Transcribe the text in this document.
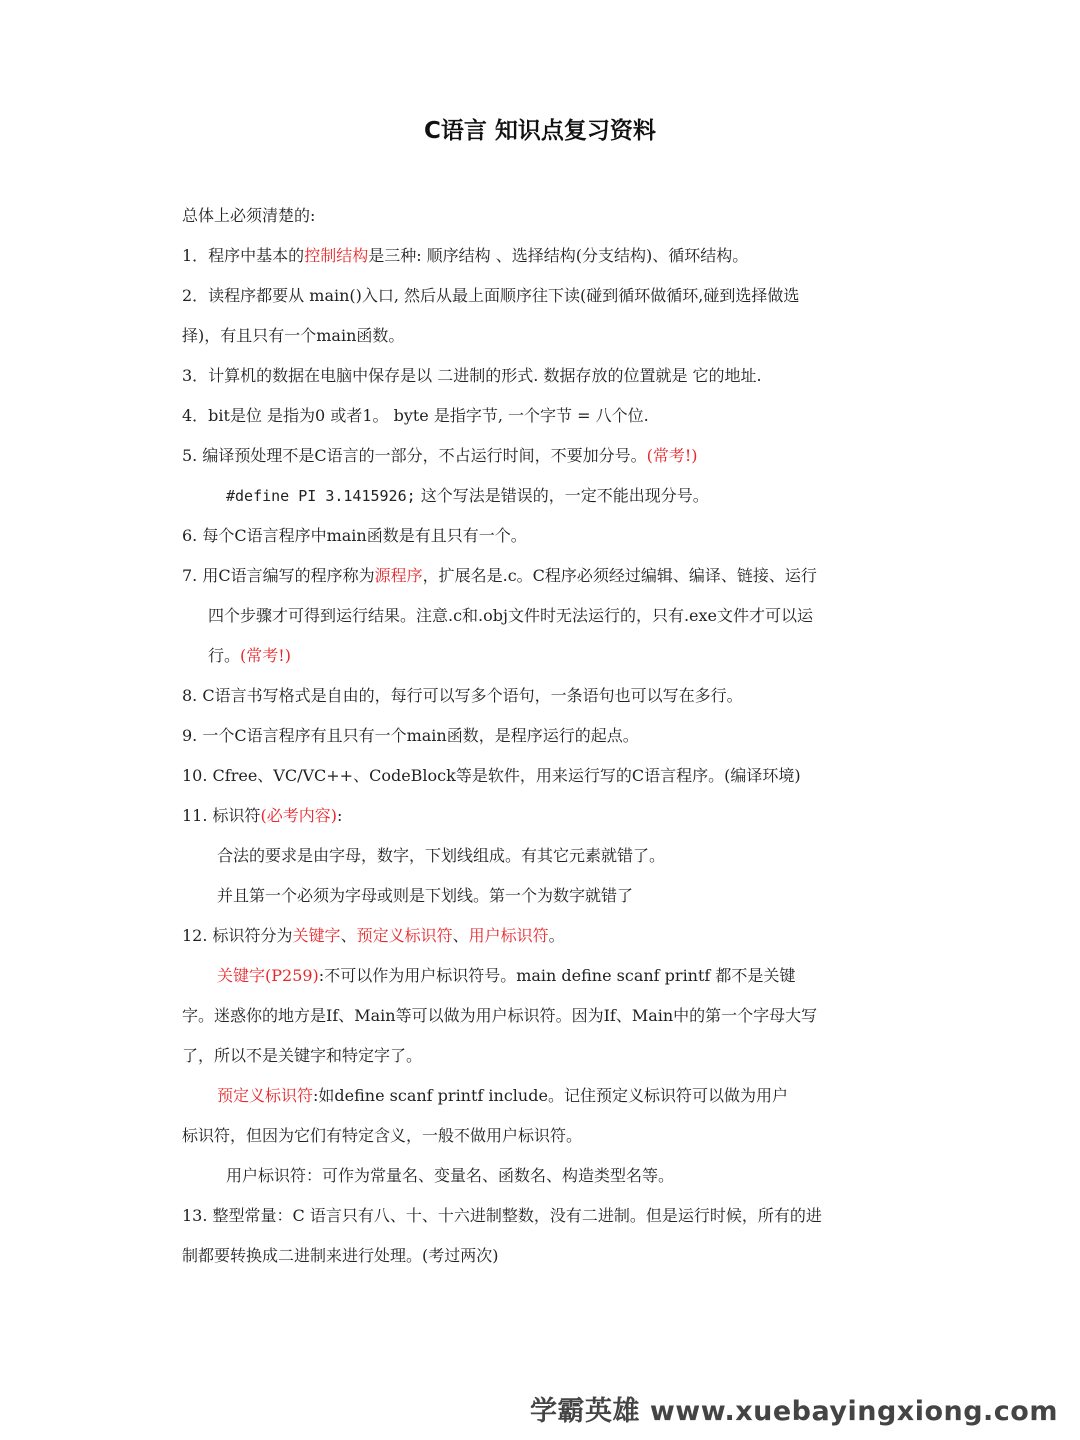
C语言 知识点复习资料
总体上必须清楚的:
1．程序中基本的控制结构是三种: 顺序结构 、选择结构(分支结构)、循环结构。
2．读程序都要从 main()入口, 然后从最上面顺序往下读(碰到循环做循环,碰到选择做选
择)，有且只有一个main函数。
3．计算机的数据在电脑中保存是以 二进制的形式. 数据存放的位置就是 它的地址.
4．bit是位 是指为0 或者1。 byte 是指字节, 一个字节 = 八个位.
5. 编译预处理不是C语言的一部分，不占运行时间，不要加分号。(常考!)
#define PI 3.1415926; 这个写法是错误的，一定不能出现分号。
6. 每个C语言程序中main函数是有且只有一个。
7. 用C语言编写的程序称为源程序，扩展名是.c。C程序必须经过编辑、编译、链接、运行
四个步骤才可得到运行结果。注意.c和.obj文件时无法运行的，只有.exe文件才可以运
行。(常考!)
8. C语言书写格式是自由的，每行可以写多个语句，一条语句也可以写在多行。
9. 一个C语言程序有且只有一个main函数，是程序运行的起点。
10. Cfree、VC/VC++、CodeBlock等是软件，用来运行写的C语言程序。(编译环境)
11. 标识符(必考内容):
合法的要求是由字母，数字，下划线组成。有其它元素就错了。
并且第一个必须为字母或则是下划线。第一个为数字就错了
12. 标识符分为关键字、预定义标识符、用户标识符。
关键字(P259):不可以作为用户标识符号。main define scanf printf 都不是关键
字。迷惑你的地方是If、Main等可以做为用户标识符。因为If、Main中的第一个字母大写
了，所以不是关键字和特定字了。
预定义标识符:如define scanf printf include。记住预定义标识符可以做为用户
标识符，但因为它们有特定含义，一般不做用户标识符。
用户标识符：可作为常量名、变量名、函数名、构造类型名等。
13. 整型常量：C 语言只有八、十、十六进制整数，没有二进制。但是运行时候，所有的进
制都要转换成二进制来进行处理。(考过两次)
学霸英雄 www.xuebayingxiong.com
